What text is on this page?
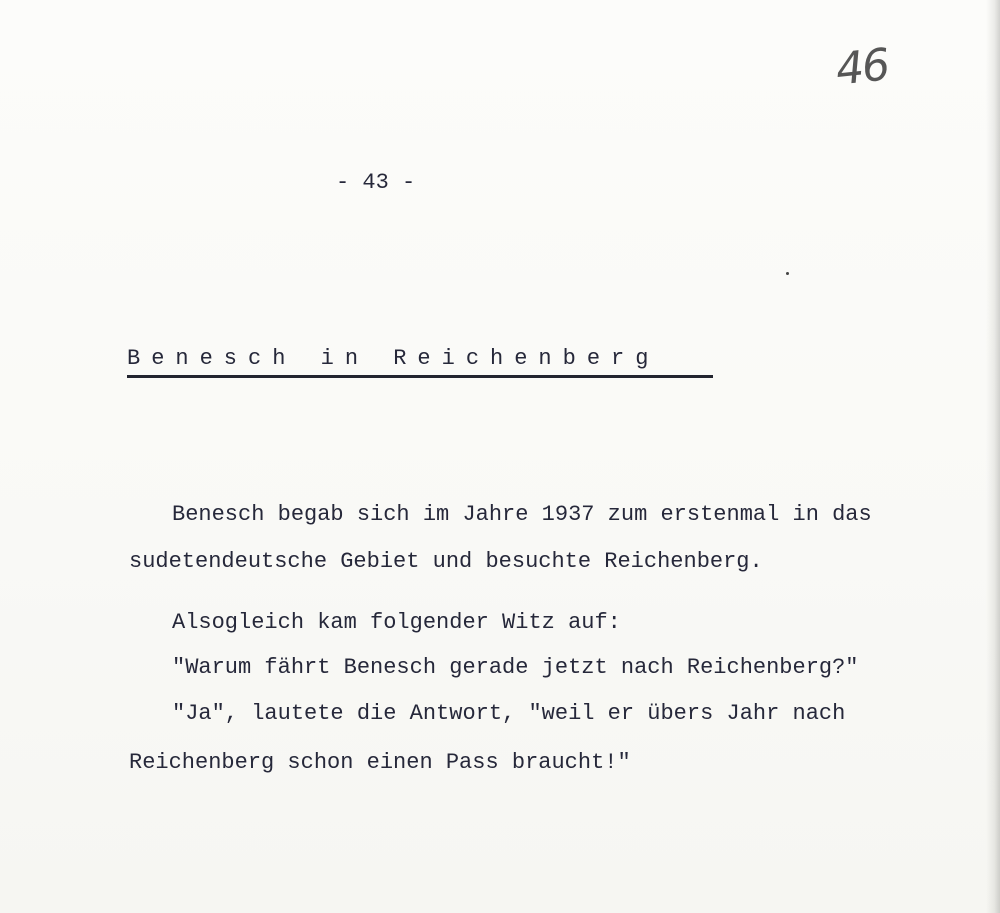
46
- 43 -
Benesch in Reichenberg
Benesch begab sich im Jahre 1937 zum erstenmal in das
sudetendeutsche Gebiet und besuchte Reichenberg.
Alsogleich kam folgender Witz auf:
"Warum fährt Benesch gerade jetzt nach Reichenberg?"
"Ja", lautete die Antwort, "weil er übers Jahr nach
Reichenberg schon einen Pass braucht!"
